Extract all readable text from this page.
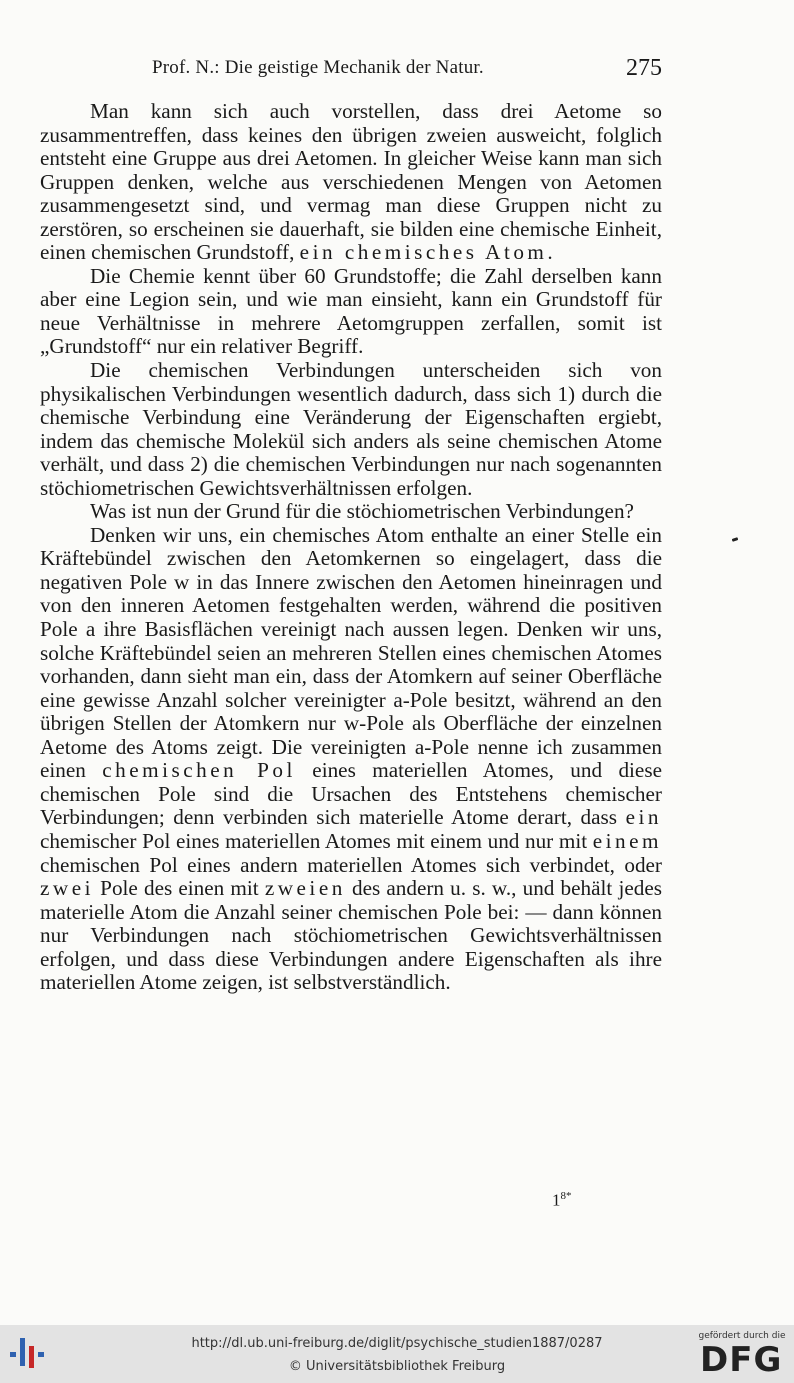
Prof. N.: Die geistige Mechanik der Natur.	275

Man kann sich auch vorstellen, dass drei Aetome so zusammentreffen, dass keines den übrigen zweien ausweicht, folglich entsteht eine Gruppe aus drei Aetomen. In gleicher Weise kann man sich Gruppen denken, welche aus verschiedenen Mengen von Aetomen zusammengesetzt sind, und vermag man diese Gruppen nicht zu zerstören, so erscheinen sie dauerhaft, sie bilden eine chemische Einheit, einen chemischen Grundstoff, ein chemisches Atom.

Die Chemie kennt über 60 Grundstoffe; die Zahl derselben kann aber eine Legion sein, und wie man einsieht, kann ein Grundstoff für neue Verhältnisse in mehrere Aetomgruppen zerfallen, somit ist „Grundstoff“ nur ein relativer Begriff.

Die chemischen Verbindungen unterscheiden sich von physikalischen Verbindungen wesentlich dadurch, dass sich 1) durch die chemische Verbindung eine Veränderung der Eigenschaften ergiebt, indem das chemische Molekül sich anders als seine chemischen Atome verhält, und dass 2) die chemischen Verbindungen nur nach sogenannten stöchiometrischen Gewichtsverhältnissen erfolgen.

Was ist nun der Grund für die stöchiometrischen Verbindungen?

Denken wir uns, ein chemisches Atom enthalte an einer Stelle ein Kräftebündel zwischen den Aetomkernen so eingelagert, dass die negativen Pole w in das Innere zwischen den Aetomen hineinragen und von den inneren Aetomen festgehalten werden, während die positiven Pole a ihre Basisflächen vereinigt nach aussen legen. Denken wir uns, solche Kräftebündel seien an mehreren Stellen eines chemischen Atomes vorhanden, dann sieht man ein, dass der Atomkern auf seiner Oberfläche eine gewisse Anzahl solcher vereinigter a-Pole besitzt, während an den übrigen Stellen der Atomkern nur w-Pole als Oberfläche der einzelnen Aetome des Atoms zeigt. Die vereinigten a-Pole nenne ich zusammen einen chemischen Pol eines materiellen Atomes, und diese chemischen Pole sind die Ursachen des Entstehens chemischer Verbindungen; denn verbinden sich materielle Atome derart, dass ein chemischer Pol eines materiellen Atomes mit einem und nur mit einem chemischen Pol eines andern materiellen Atomes sich verbindet, oder zwei Pole des einen mit zweien des andern u. s. w., und behält jedes materielle Atom die Anzahl seiner chemischen Pole bei: — dann können nur Verbindungen nach stöchiometrischen Gewichtsverhältnissen erfolgen, und dass diese Verbindungen andere Eigenschaften als ihre materiellen Atome zeigen, ist selbstverständlich.

$1^{8*}$
http://dl.ub.uni-freiburg.de/diglit/psychische_studien1887/0287
© Universitätsbibliothek Freiburg
gefördert durch die
DFG
